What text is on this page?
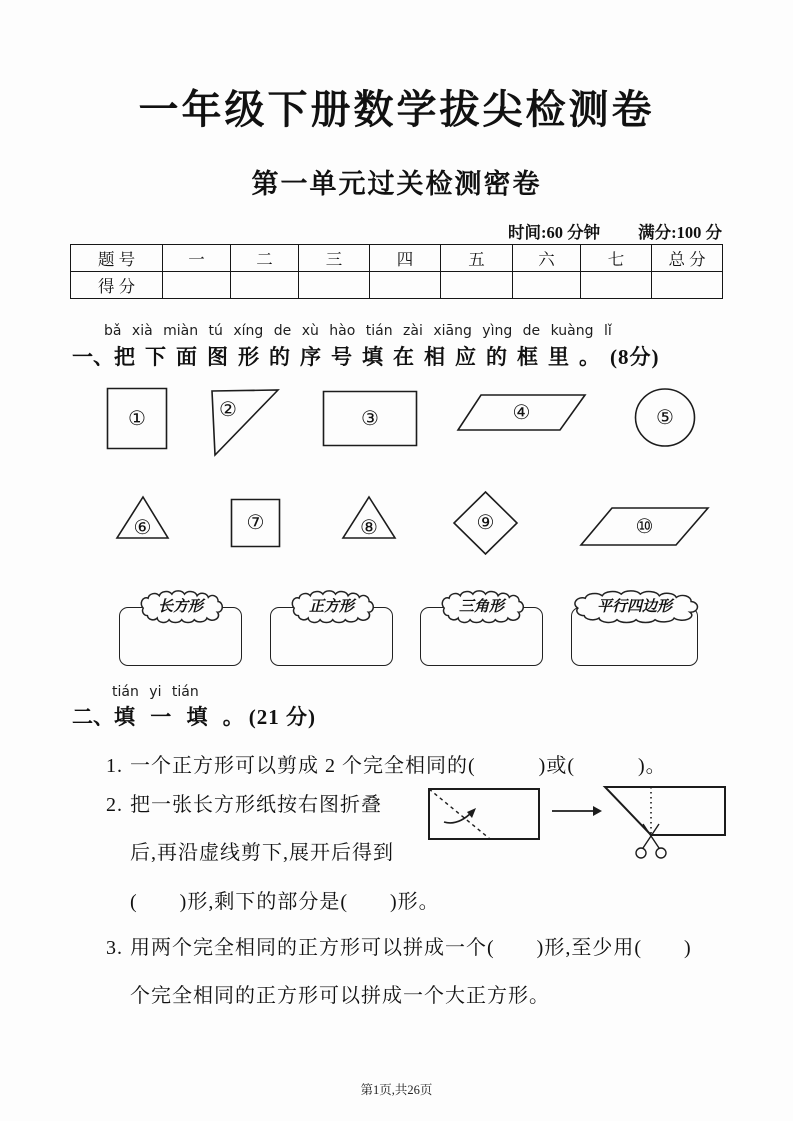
一年级下册数学拔尖检测卷
第一单元过关检测密卷
时间:60 分钟 满分:100 分
题 号	一	二	三	四	五	六	七	总 分
得 分								
bǎ xià miàn tú xíng de xù hào tián zài xiāng yìng de kuàng lǐ
一、把下面图形的序号填在相应的框里。(8分)
①	②	③	④	⑤
⑥	⑦	⑧	⑨	⑩
长方形	正方形	三角形	平行四边形
tián yi tián
二、填 一 填 。(21 分)
1. 一个正方形可以剪成 2 个完全相同的(　　　)或(　　　)。
2. 把一张长方形纸按右图折叠
后,再沿虚线剪下,展开后得到
(　　)形,剩下的部分是(　　)形。
3. 用两个完全相同的正方形可以拼成一个(　　)形,至少用(　　)
个完全相同的正方形可以拼成一个大正方形。
第1页,共26页
